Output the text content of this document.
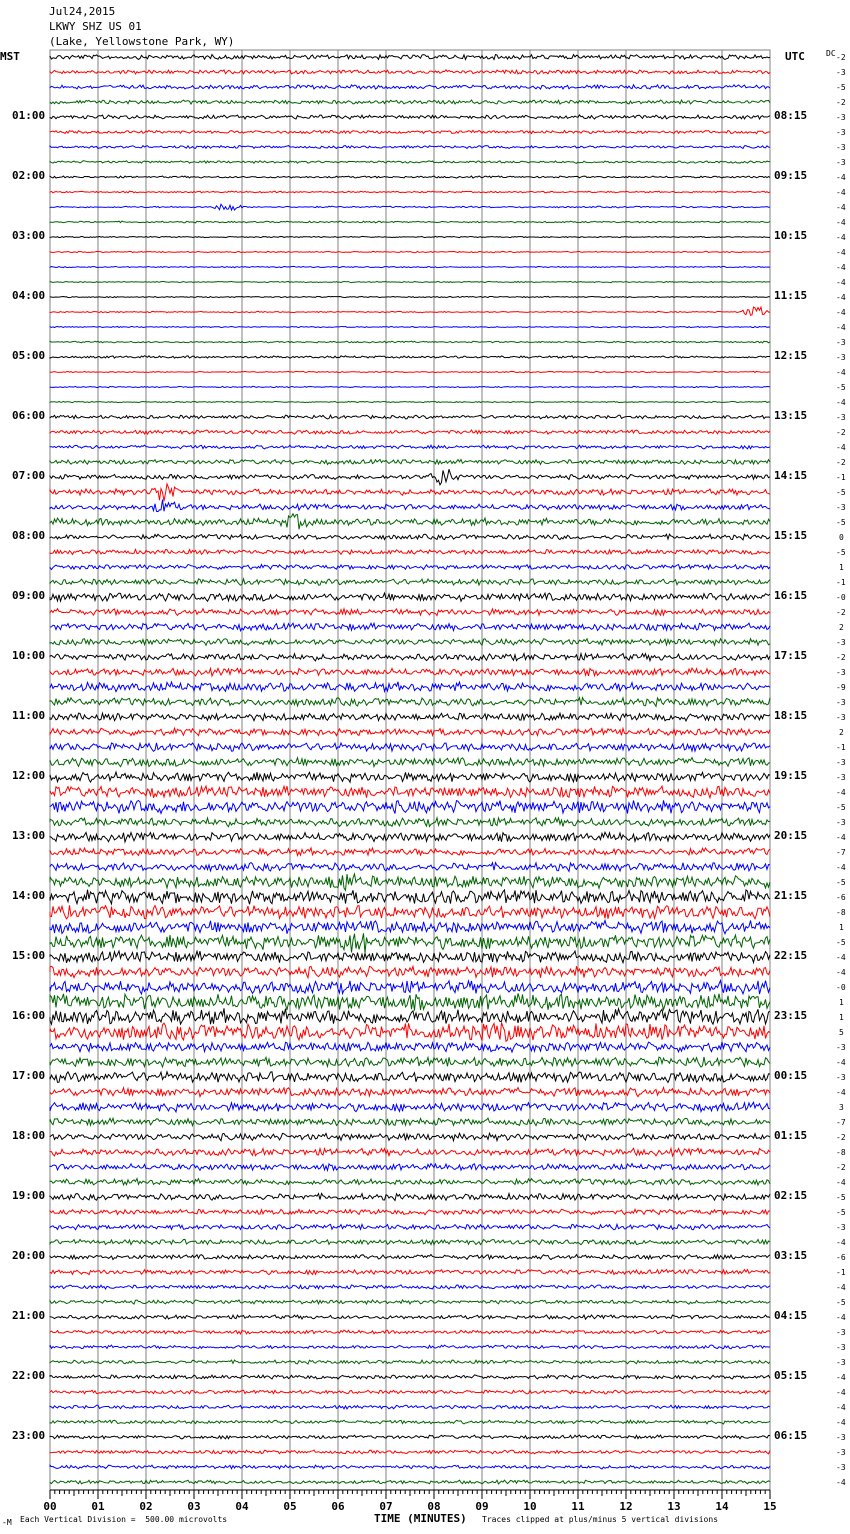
00	01	02	03	04	05	06	07	08	09	10	11	12	13	14	15
Jul24,2015
LKWY SHZ US 01
(Lake, Yellowstone Park, WY)
MST	UTC	DC
01:00
02:00
03:00
04:00
05:00
06:00
07:00
08:00
09:00
10:00
11:00
12:00
13:00
14:00
15:00
16:00
17:00
18:00
19:00
20:00
21:00
22:00
23:00
08:15
09:15
10:15
11:15
12:15
13:15
14:15
15:15
16:15
17:15
18:15
19:15
20:15
21:15
22:15
23:15
00:15
01:15
02:15
03:15
04:15
05:15
06:15
-2
-3
-5
-2
-3
-3
-3
-3
-4
-4
-4
-4
-4
-4
-4
-4
-4
-4
-4
-3
-3
-4
-5
-4
-3
-2
-4
-2
-1
-5
-3
-5
0
-5
1
-1
-0
-2
2
-3
-2
-3
-9
-3
-3
2
-1
-3
-3
-4
-5
-3
-4
-7
-4
-5
-6
-8
1
-5
-4
-4
-0
1
1
5
-3
-4
-3
-4
3
-7
-2
-8
-2
-4
-5
-5
-3
-4
-6
-1
-4
-5
-4
-3
-3
-3
-4
-4
-4
-4
-3
-3
-3
-4
-M Each Vertical Division =  500.00 microvolts	TIME (MINUTES) Traces clipped at plus/minus 5 vertical divisions
